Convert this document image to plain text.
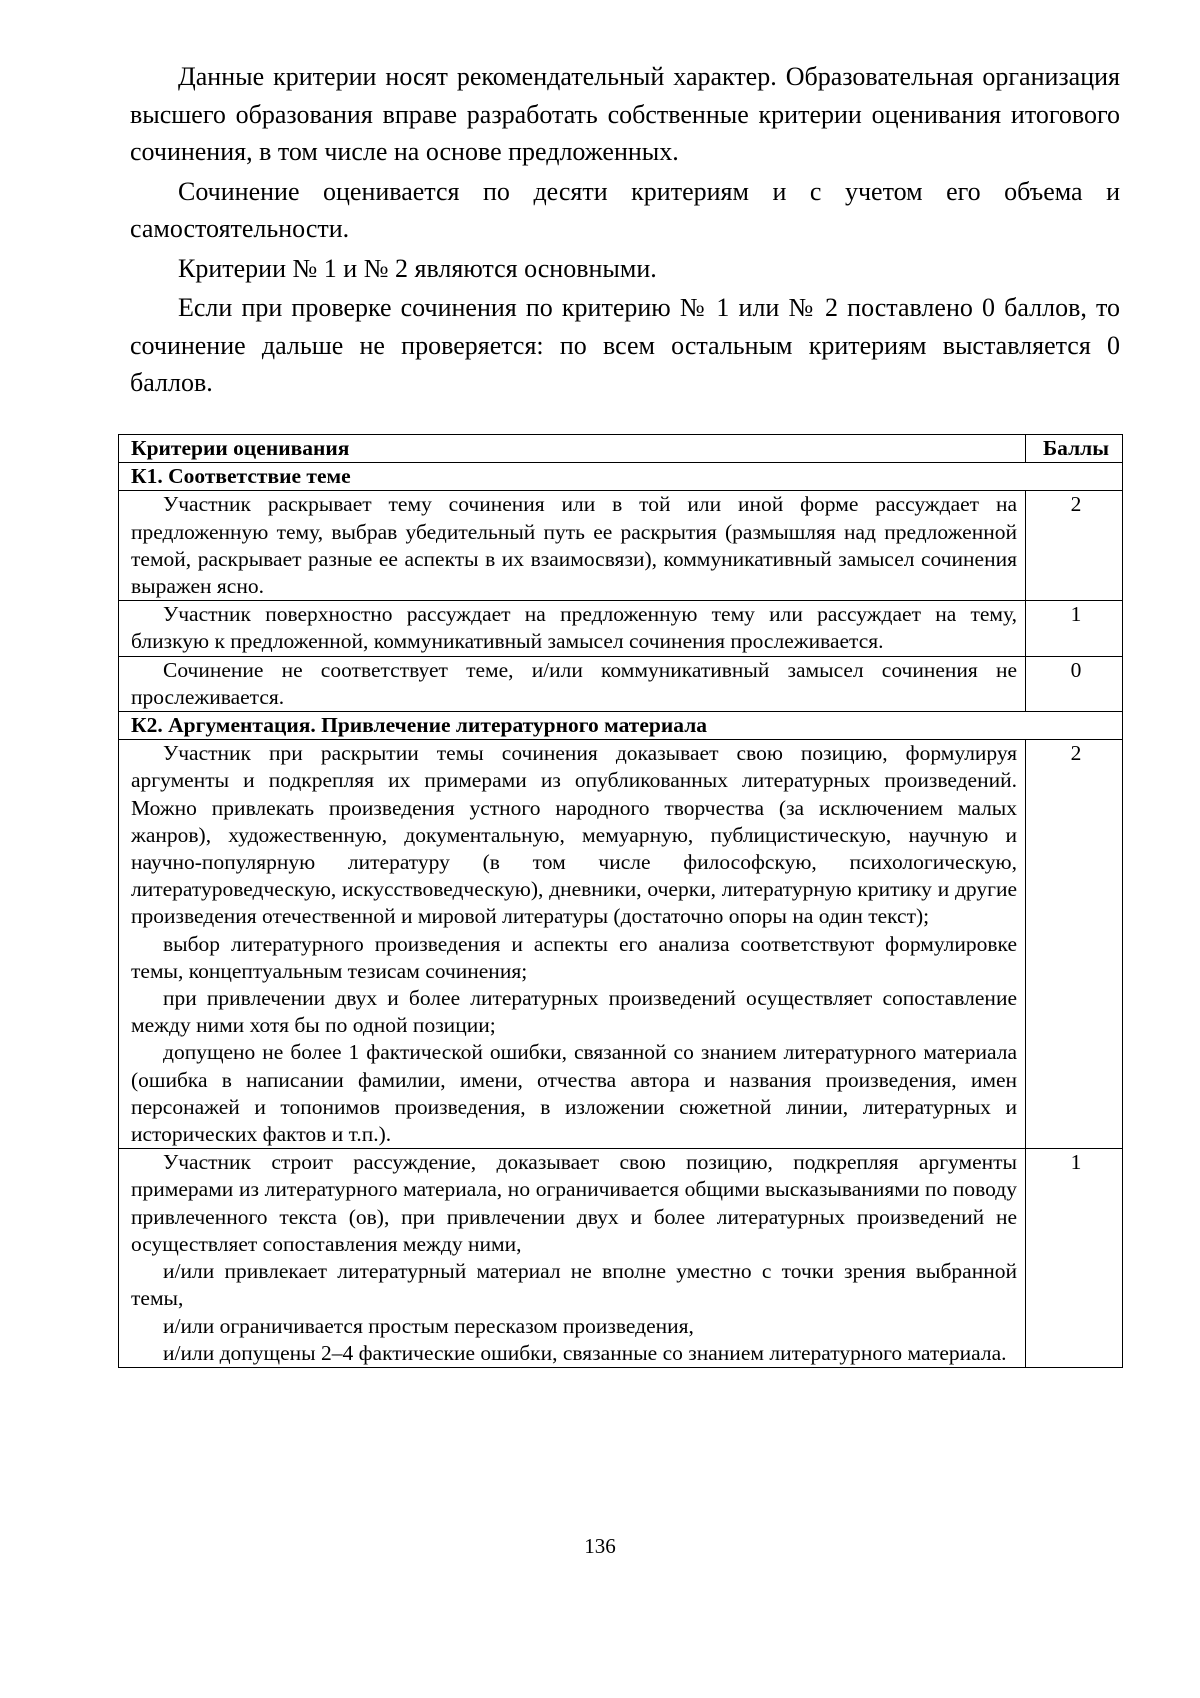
Данные критерии носят рекомендательный характер. Образовательная организация высшего образования вправе разработать собственные критерии оценивания итогового сочинения, в том числе на основе предложенных.

Сочинение оценивается по десяти критериям и с учетом его объема и самостоятельности.

Критерии № 1 и № 2 являются основными.

Если при проверке сочинения по критерию № 1 или № 2 поставлено 0 баллов, то сочинение дальше не проверяется: по всем остальным критериям выставляется 0 баллов.

Критерии оценивания	Баллы
К1. Соответствие теме	

Участник раскрывает тему сочинения или в той или иной форме рассуждает на предложенную тему, выбрав убедительный путь ее раскрытия (размышляя над предложенной темой, раскрывает разные ее аспекты в их взаимосвязи), коммуникативный замысел сочинения выражен ясно.	2

Участник поверхностно рассуждает на предложенную тему или рассуждает на тему, близкую к предложенной, коммуникативный замысел сочинения прослеживается.	1

Сочинение не соответствует теме, и/или коммуникативный замысел сочинения не прослеживается.	0
К2. Аргументация. Привлечение литературного материала	

Участник при раскрытии темы сочинения доказывает свою позицию, формулируя аргументы и подкрепляя их примерами из опубликованных литературных произведений. Можно привлекать произведения устного народного творчества (за исключением малых жанров), художественную, документальную, мемуарную, публицистическую, научную и научно-популярную литературу (в том числе философскую, психологическую, литературоведческую, искусствоведческую), дневники, очерки, литературную критику и другие произведения отечественной и мировой литературы (достаточно опоры на один текст);

выбор литературного произведения и аспекты его анализа соответствуют формулировке темы, концептуальным тезисам сочинения;

при привлечении двух и более литературных произведений осуществляет сопоставление между ними хотя бы по одной позиции;

допущено не более 1 фактической ошибки, связанной со знанием литературного материала (ошибка в написании фамилии, имени, отчества автора и названия произведения, имен персонажей и топонимов произведения, в изложении сюжетной линии, литературных и исторических фактов и т.п.).	2

Участник строит рассуждение, доказывает свою позицию, подкрепляя аргументы примерами из литературного материала, но ограничивается общими высказываниями по поводу привлеченного текста (ов), при привлечении двух и более литературных произведений не осуществляет сопоставления между ними,

и/или привлекает литературный материал не вполне уместно с точки зрения выбранной темы,

и/или ограничивается простым пересказом произведения,

и/или допущены 2–4 фактические ошибки, связанные со знанием литературного материала.	1
136
